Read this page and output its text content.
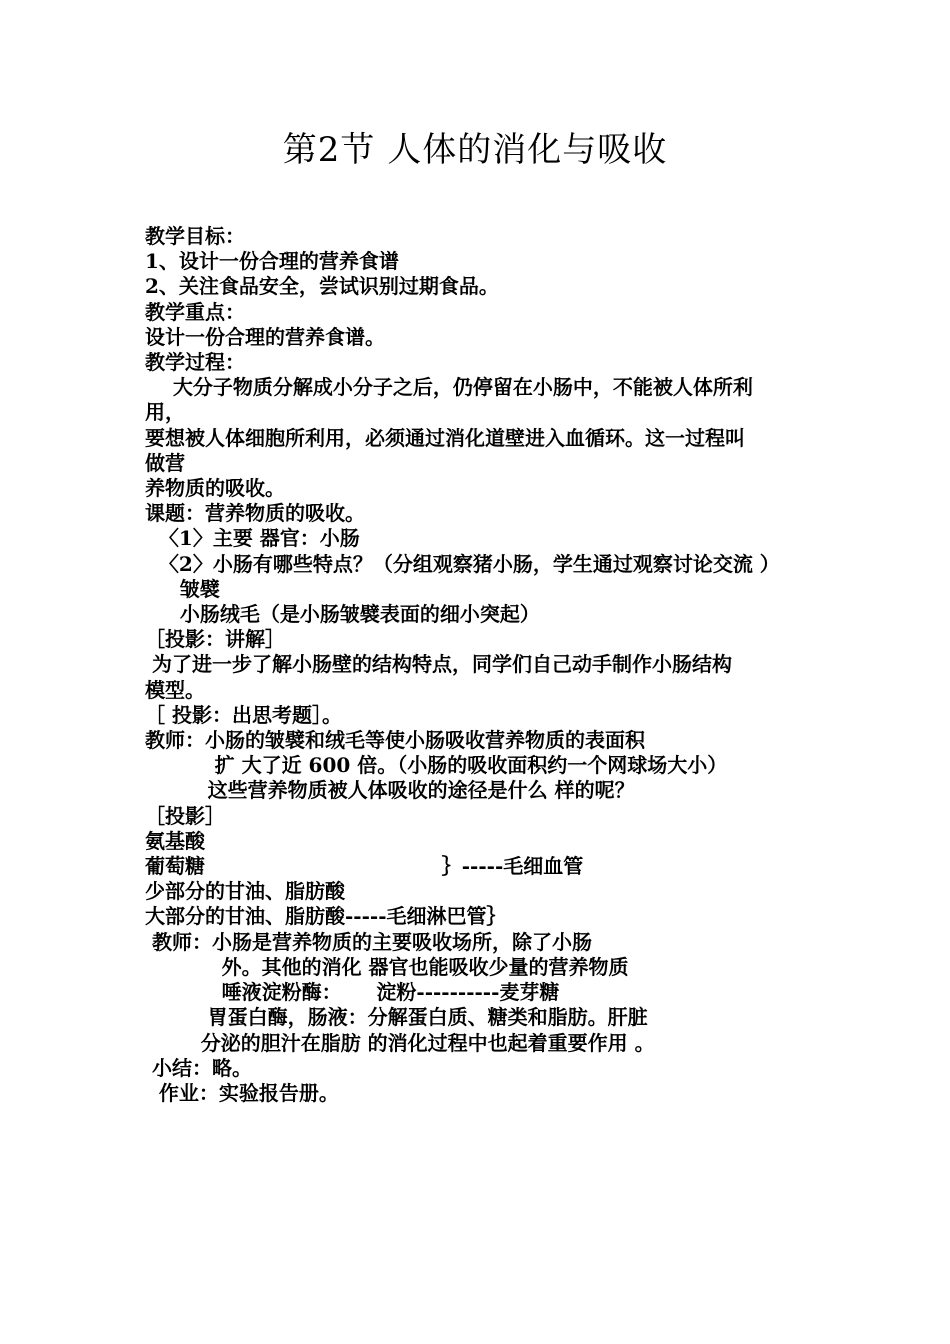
第2节 人体的消化与吸收

教学目标：

1、设计一份合理的营养食谱

2、关注食品安全，尝试识别过期食品。

教学重点：

设计一份合理的营养食谱。

教学过程：

大分子物质分解成小分子之后，仍停留在小肠中，不能被人体所利

用，

要想被人体细胞所利用，必须通过消化道壁进入血循环。这一过程叫

做营

养物质的吸收。

课题：营养物质的吸收。

〈1〉主要 器官：小肠

〈2〉小肠有哪些特点？（分组观察猪小肠，学生通过观察讨论交流 ）

皱襞

小肠绒毛（是小肠皱襞表面的细小突起）

［投影：讲解］

为了进一步了解小肠壁的结构特点，同学们自己动手制作小肠结构

模型。

［ 投影：出思考题］。

教师：小肠的皱襞和绒毛等使小肠吸收营养物质的表面积

扩 大了近 600 倍。（小肠的吸收面积约一个网球场大小）

这些营养物质被人体吸收的途径是什么 样的呢？

［投影］

氨基酸

葡萄糖                                  ｝-----毛细血管

少部分的甘油、脂肪酸

大部分的甘油、脂肪酸-----毛细淋巴管｝

教师：小肠是营养物质的主要吸收场所，除了小肠

外。其他的消化 器官也能吸收少量的营养物质

唾液淀粉酶：     淀粉----------麦芽糖

胃蛋白酶，肠液：分解蛋白质、糖类和脂肪。肝脏

分泌的胆汁在脂肪 的消化过程中也起着重要作用 。

小结：略。

作业：实验报告册。
